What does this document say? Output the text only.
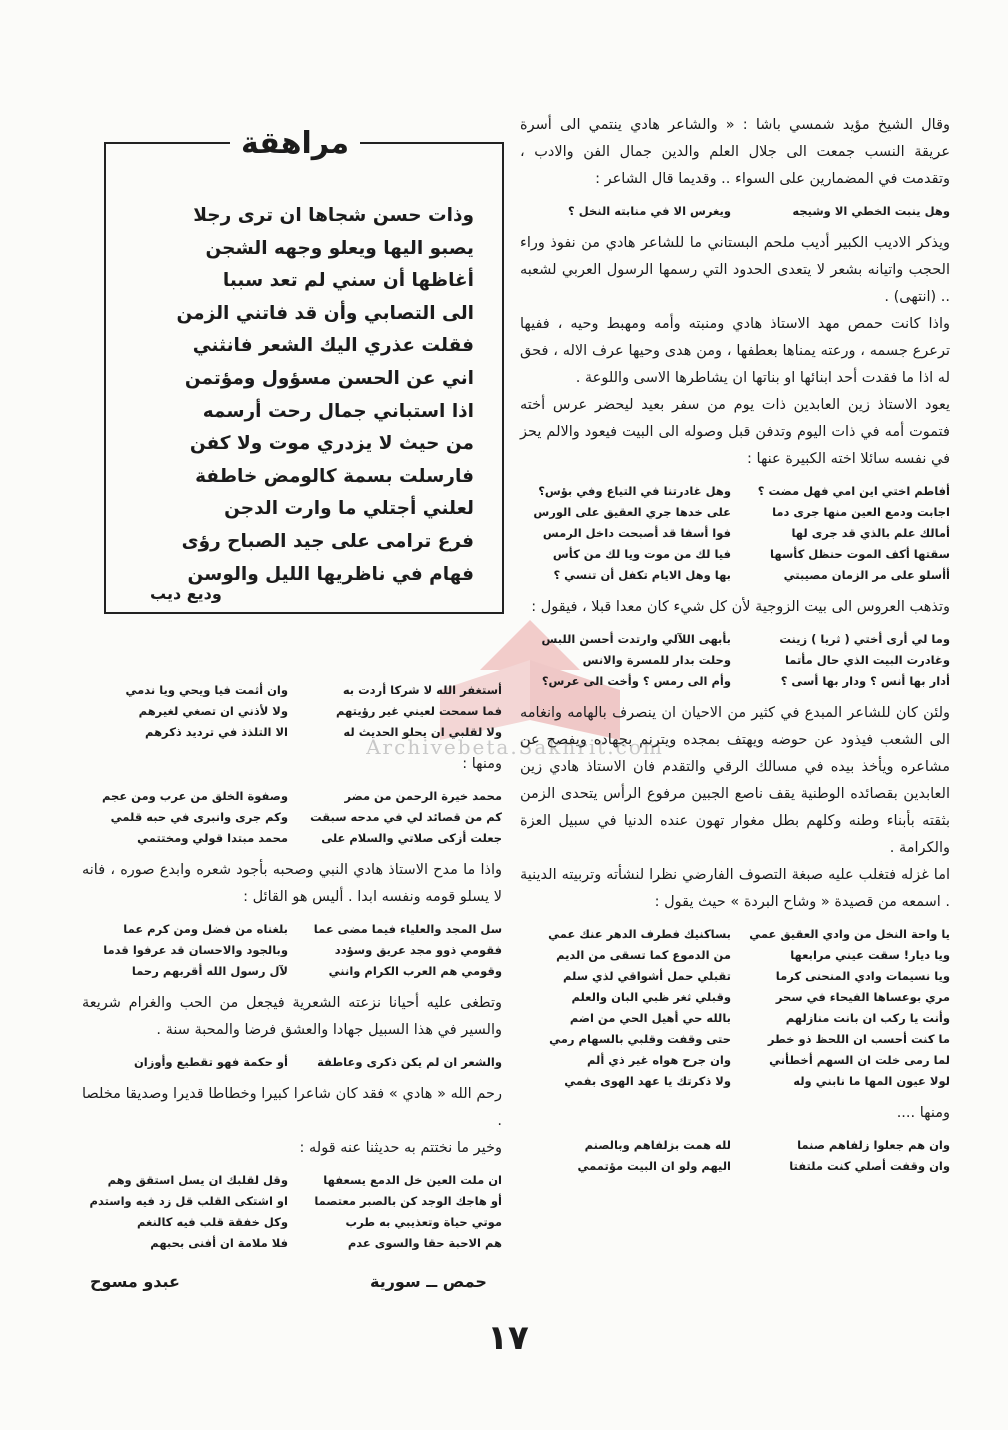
Archivebeta.Sakhrit.com
مراهقة
وذات حسن شجاها ان ترى رجلا
يصبو اليها ويعلو وجهه الشجن
أغاظها أن سني لم تعد سببا
الى التصابي وأن قد فاتني الزمن
فقلت عذري اليك الشعر فانثني
اني عن الحسن مسؤول ومؤتمن
اذا استباني جمال رحت أرسمه
من حيث لا يزدري موت ولا كفن
فارسلت بسمة كالومض خاطفة
لعلني أجتلي ما وارت الدجن
فرع ترامى على جيد الصباح رؤى
فهام في ناظريها الليل والوسن
وديع ديب

وقال الشيخ مؤيد شمسي باشا : « والشاعر هادي ينتمي الى أسرة عريقة النسب جمعت الى جلال العلم والدين جمال الفن والادب ، وتقدمت في المضمارين على السواء .. وقديما قال الشاعر :

وهل ينبت الخطي الا وشيجه
ويغرس الا في منابته النخل ؟

ويذكر الاديب الكبير أديب ملحم البستاني ما للشاعر هادي من نفوذ وراء الحجب واتيانه بشعر لا يتعدى الحدود التي رسمها الرسول العربي لشعبه .. (انتهى) .

واذا كانت حمص مهد الاستاذ هادي ومنبته وأمه ومهبط وحيه ، ففيها ترعرع جسمه ، ورعته يمناها بعطفها ، ومن هدى وحيها عرف الاله ، فحق له اذا ما فقدت أحد ابنائها او بناتها ان يشاطرها الاسى واللوعة .

يعود الاستاذ زين العابدين ذات يوم من سفر بعيد ليحضر عرس أخته فتموت أمه في ذات اليوم وتدفن قبل وصوله الى البيت فيعود والالم يحز في نفسه سائلا اخته الكبيرة عنها :

أفاطم اختي اين امي فهل مضت ؟
اجابت ودمع العين منها جرى دما
أمالك علم بالذي قد جرى لها
سقتها أكف الموت حنظل كأسها
أأسلو على مر الزمان مصيبتي
وهل غادرتنا في التياع وفي بؤس؟
على خدها جري العقيق على الورس
فوا أسفا قد أصبحت داخل الرمس
فيا لك من موت ويا لك من كأس
بها وهل الايام تكفل أن تنسي ؟

وتذهب العروس الى بيت الزوجية لأن كل شيء كان معدا قبلا ، فيقول :

وما لي أرى أختي ( ثريا ) زينت
وغادرت البيت الذي حال مأتما
أدار بها أنس ؟ ودار بها أسى ؟
بأبهى اللآلي وارتدت أحسن اللبس
وحلت بدار للمسرة والانس
وأم الى رمس ؟ وأخت الى عرس؟

ولئن كان للشاعر المبدع في كثير من الاحيان ان ينصرف بالهامه وانغامه الى الشعب فيذود عن حوضه ويهتف بمجده ويترنم بجهاده ويفصح عن مشاعره ويأخذ بيده في مسالك الرقي والتقدم فان الاستاذ هادي زين العابدين بقصائده الوطنية يقف ناصع الجبين مرفوع الرأس يتحدى الزمن بثقته بأبناء وطنه وكلهم بطل مغوار تهون عنده الدنيا في سبيل العزة والكرامة .

اما غزله فتغلب عليه صبغة التصوف الفارضي نظرا لنشأته وتربيته الدينية . اسمعه من قصيدة « وشاح البردة » حيث يقول :

يا واحة النخل من وادي العقيق عمي
ويا ديار! سقت عيني مرابعها
ويا نسيمات وادي المنحنى كرما
مري بوعساها الفيحاء في سحر
وأنت يا ركب ان بانت منازلهم
ما كنت أحسب ان اللحظ ذو خطر
لما رمى خلت ان السهم أخطأني
لولا عيون المها ما نابني وله
بساكنيك فطرف الدهر عنك عمي
من الدموع كما تسقى من الديم
تقبلي حمل أشواقي لذي سلم
وقبلي ثغر ظبي البان والعلم
بالله حي أهيل الحي من اضم
حتى وقفت وقلبي بالسهام رمي
وان جرح هواه غير ذي ألم
ولا ذكرتك يا عهد الهوى بفمي

ومنها ....

وان هم جعلوا زلفاهم صنما
وان وقفت أصلي كنت ملتفتا
لله همت بزلفاهم وبالصنم
اليهم ولو ان البيت مؤتممي
أستغفر الله لا شركا أردت به
فما سمحت لعيني غير رؤيتهم
ولا لقلبي ان يحلو الحديث له
وان أثمت فيا ويحي ويا ندمي
ولا لأذني ان تصغي لغيرهم
الا التلذذ في ترديد ذكرهم

ومنها :

محمد خيرة الرحمن من مضر
كم من قصائد لي في مدحه سبقت
جعلت أزكى صلاتي والسلام على
وصفوة الخلق من عرب ومن عجم
وكم جرى وانبرى في حبه قلمي
محمد مبتدا قولي ومختتمي

واذا ما مدح الاستاذ هادي النبي وصحبه بأجود شعره وابدع صوره ، فانه لا يسلو قومه ونفسه ابدا . أليس هو القائل :

سل المجد والعلياء فيما مضى عما
فقومي ذوو مجد عريق وسؤدد
وقومي هم العرب الكرام وانني
بلغناه من فضل ومن كرم عما
وبالجود والاحسان قد عرفوا قدما
لآل رسول الله أقربهم رحما

وتطغى عليه أحيانا نزعته الشعرية فيجعل من الحب والغرام شريعة والسير في هذا السبيل جهادا والعشق فرضا والمحبة سنة .

والشعر ان لم يكن ذكرى وعاطفة
أو حكمة فهو تقطيع وأوزان

رحم الله « هادي » فقد كان شاعرا كبيرا وخطاطا قديرا وصديقا مخلصا .

وخير ما نختتم به حديثنا عنه قوله :

ان ملت العين خل الدمع يسعفها
أو هاجك الوجد كن بالصبر معتصما
موتي حياة وتعذيبي به طرب
هم الاحبة حقا والسوى عدم
وقل لقلبك ان يسل استقق وهم
او اشتكى القلب قل زد فيه واستدم
وكل خفقة قلب فيه كالنغم
فلا ملامة ان أفنى بحبهم
حمص ــ سورية
عبدو مسوح
١٧
